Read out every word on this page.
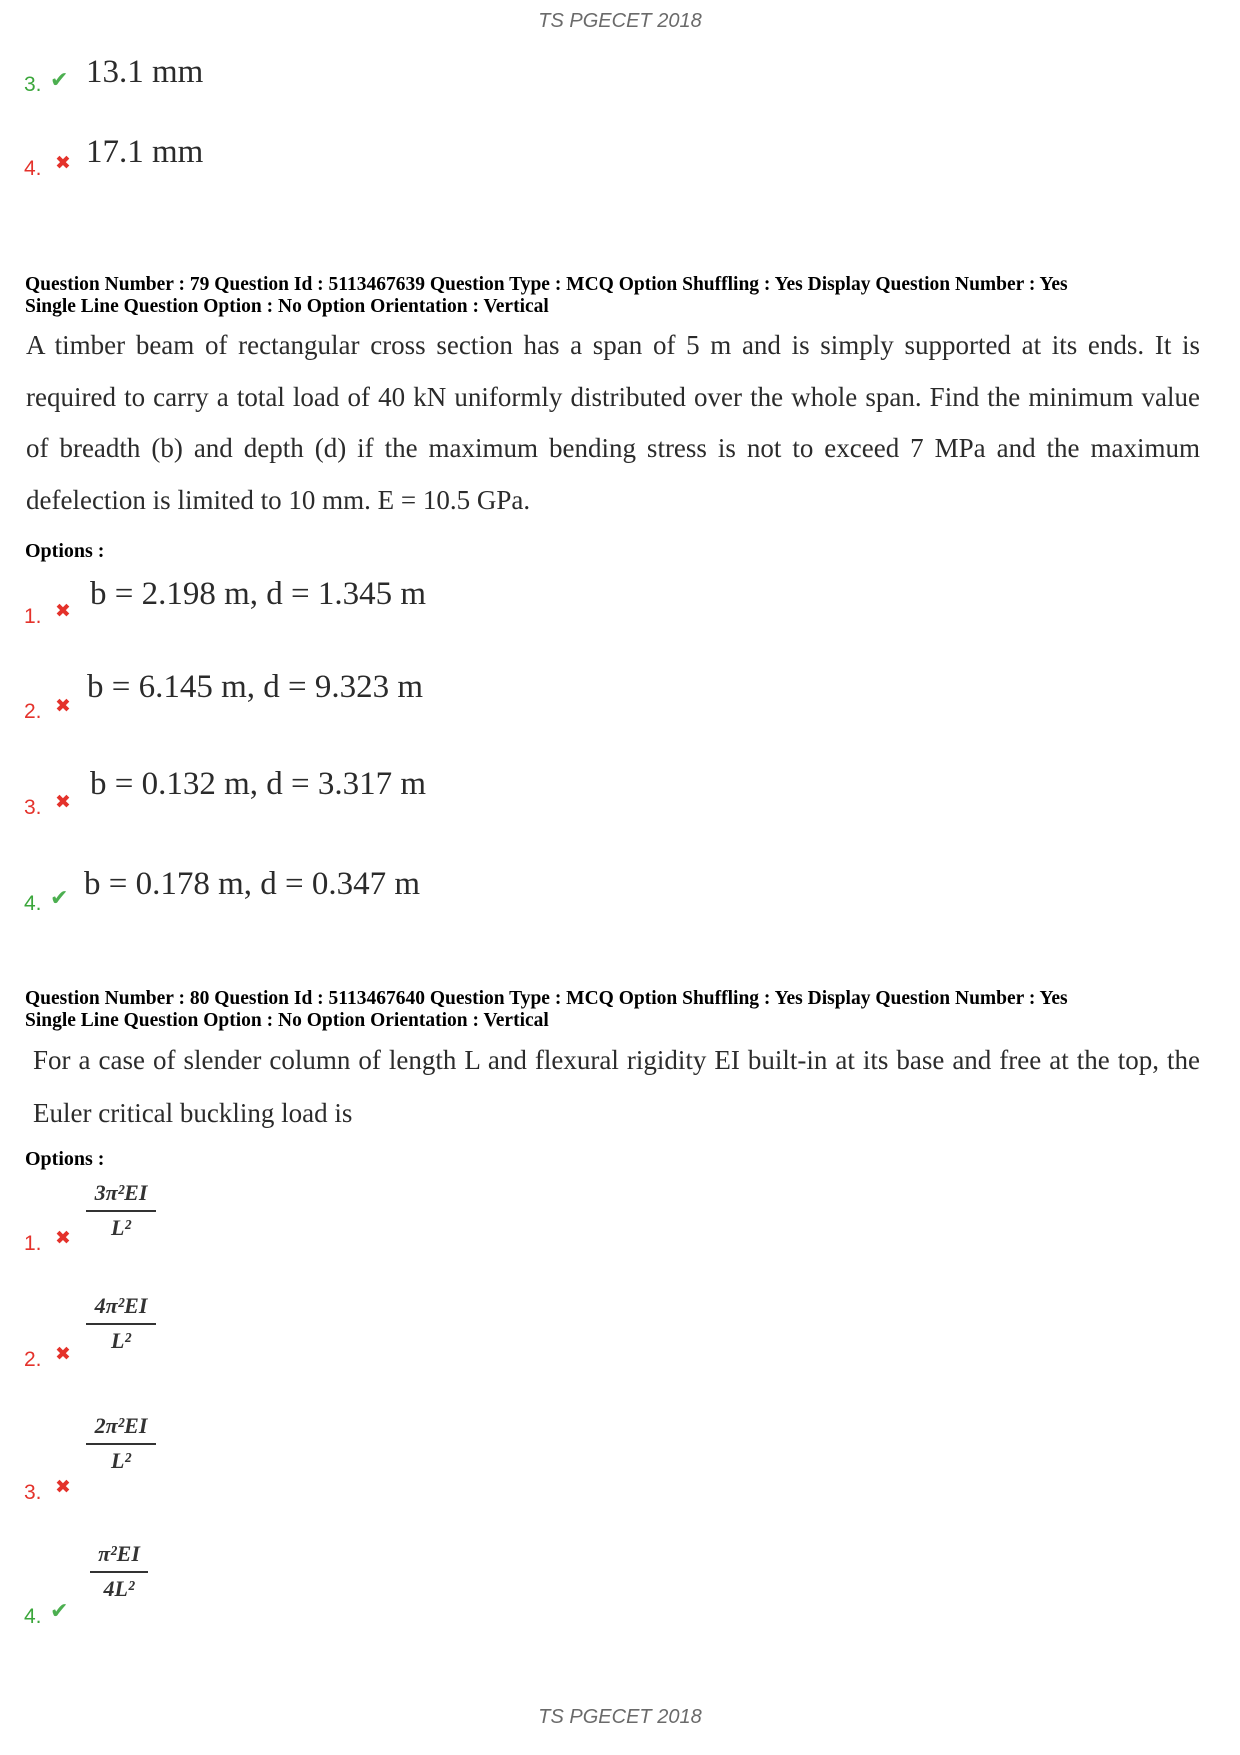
TS PGECET 2018
3. ✔ 13.1 mm
4. ✖ 17.1 mm
Question Number : 79 Question Id : 5113467639 Question Type : MCQ Option Shuffling : Yes Display Question Number : Yes
Single Line Question Option : No Option Orientation : Vertical
A timber beam of rectangular cross section has a span of 5 m and is simply supported at its ends. It is required to carry a total load of 40 kN uniformly distributed over the whole span. Find the minimum value of breadth (b) and depth (d) if the maximum bending stress is not to exceed 7 MPa and the maximum defelection is limited to 10 mm. E = 10.5 GPa.
Options :
1. ✖ b = 2.198 m, d = 1.345 m
2. ✖
b = 6.145 m, d = 9.323 m
3. ✖ b = 0.132 m, d = 3.317 m
4. ✔ b = 0.178 m, d = 0.347 m
Question Number : 80 Question Id : 5113467640 Question Type : MCQ Option Shuffling : Yes Display Question Number : Yes
Single Line Question Option : No Option Orientation : Vertical
For a case of slender column of length L and flexural rigidity EI built-in at its base and free at the top, the Euler critical buckling load is
Options :
1. ✖ $\frac{\text{3π²EI}}{\text{L²}}$
2. ✖ $\frac{\text{4π²EI}}{\text{L²}}$
3. ✖
$\frac{\text{2π²EI}}{\text{L²}}$
4. ✔
$\frac{\text{π²EI}}{\text{4L²}}$
TS PGECET 2018
